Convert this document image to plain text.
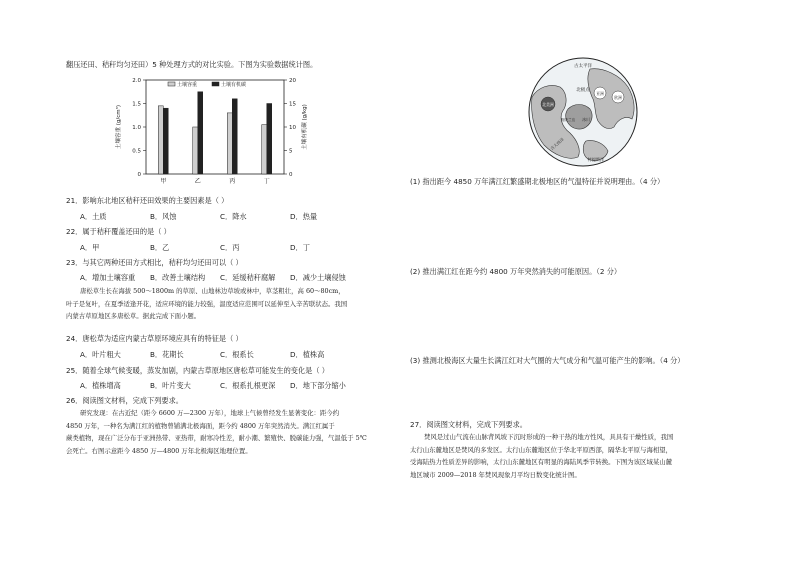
翻压还田、秸秆均匀还田）5 种处理方式的对比实验。下图为实验数据统计图。
0
0.5
1.0
1.5
2.0
0
5
10
15
20
土壤容重 (g/cm³)	土壤有机碳 (g/kg)
甲	乙	丙	丁
土壤容重	土壤有机碳
21．影响东北地区秸秆还田效果的主要因素是（ ）
A．土质	B．风蚀	C．降水	D．热量
22．属于秸秆覆盖还田的是（ ）
A．甲	B．乙	C．丙	D．丁
23．与其它两种还田方式相比，秸秆均匀还田可以（ ）
A．增加土壤容重 B．改善土壤结构 C．延缓秸秆腐解 D．减少土壤侵蚀
唐松草生长在海拔 500～1800m 的草原、山地林边草坡或林中，草茎粗壮，高 60～80cm，
叶子是复叶，在夏季适逢开花，适应环境的能力较强，温度适应范围可以延伸至入辛苦联状态。我国
内蒙古草原地区多唐松草。据此完成下面小题。
24．唐松草为适应内蒙古草原环境应具有的特征是（ ）
A．叶片粗大	B．花期长	C．根系长	D．植株高
25．随着全球气候变暖，蒸发加剧，内蒙古草原地区唐松草可能发生的变化是（ ）
A．植株增高	B．叶片变大	C．根系扎根更深 D．地下部分缩小
26．阅读图文材料，完成下列要求。
研究发现：在古近纪（距今 6600 万—2300 万年），地球上气候曾经发生显著变化：距今约
4850 万年，一种名为满江红的植物曾铺满北极海面，距今约 4800 万年突然消失。满江红属于
蕨类植物，现在广泛分布于亚洲热带、亚热带，耐寒冷性差，耐小潮、繁殖快、脱碳能力强，气温低于 5℃
会死亡。右图示意距今 4850 万—4800 万年北极海区地理位置。
古太平洋
北极点
亚洲
欧洲
北美洲
格陵兰岛 冰川
古大西洋
特提斯洋
(1) 指出距今 4850 万年满江红繁盛期北极地区的气温特征并说明理由。（4 分）
(2) 推出满江红在距今约 4800 万年突然消失的可能原因。（2 分）
(3) 推测北极海区大量生长满江红对大气圈的大气成分和气温可能产生的影响。（4 分）
27．阅读图文材料，完成下列要求。
焚风是过山气流在山脉背风坡下沉时形成的一种干热的地方性风，具具有干燥性质，我国
太行山东麓地区是焚风的多发区。太行山东麓地区位于华北平原西部，隔华北平原与海相望，
受海陆热力性质差异的影响，太行山东麓地区有明显的海陆风季节转换。下图为该区域某山麓
地区城市 2009—2018 年焚风现象月平均日数变化统计图。
